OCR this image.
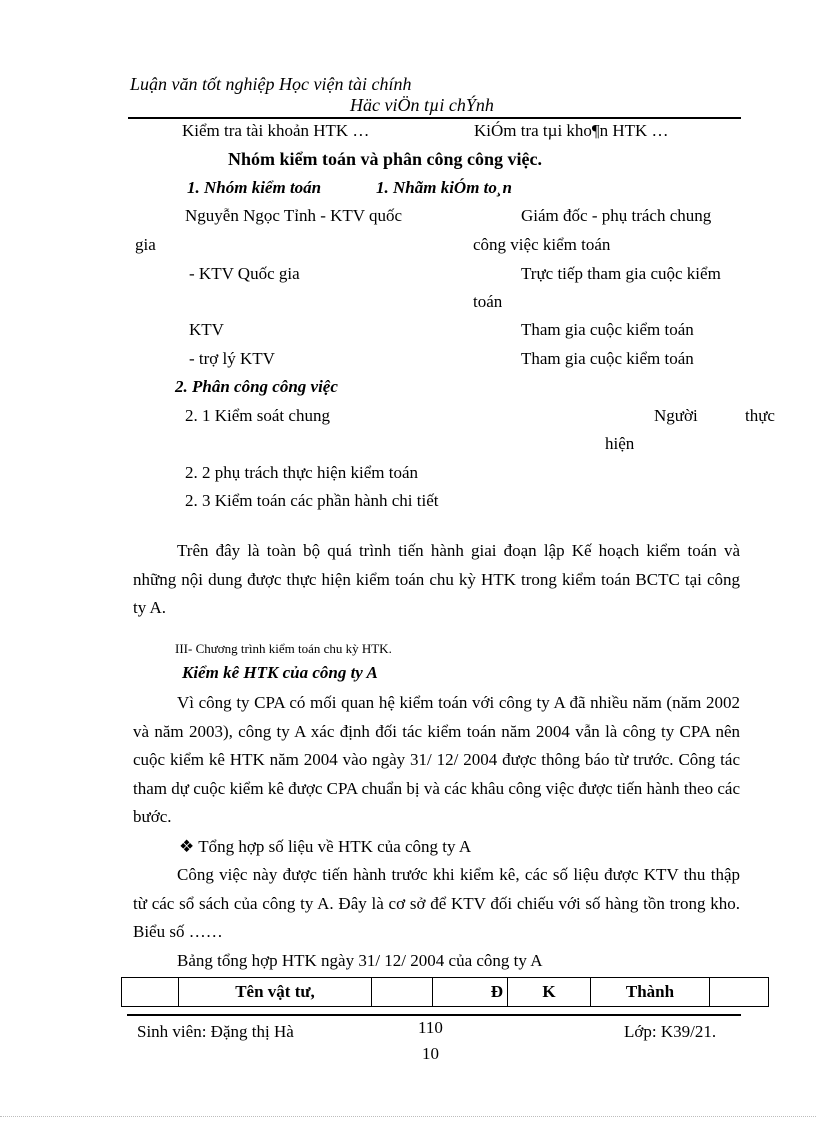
Luận văn tốt nghiệp Học viện tài chính
Häc viÖn tµi chÝnh
Kiểm tra tài khoản HTK …	KiÓm tra tµi kho¶n HTK …
Nhóm kiểm toán và phân công công việc.
1. Nhóm kiểm toán	1. Nhãm kiÓm to¸n
Nguyễn Ngọc Tỉnh - KTV quốc	Giám đốc - phụ trách chung
gia	công việc kiểm toán
- KTV Quốc gia	Trực tiếp tham gia cuộc kiểm
toán
KTV	Tham gia cuộc kiểm toán
- trợ lý KTV	Tham gia cuộc kiểm toán
2. Phân công công việc
2. 1 Kiểm soát chung	Người	thực
hiện
2. 2 phụ trách thực hiện kiểm toán
2. 3 Kiểm toán các phần hành chi tiết
Trên đây là toàn bộ quá trình tiến hành giai đoạn lập Kế hoạch kiểm toán và những nội dung được thực hiện kiểm toán chu kỳ HTK trong kiểm toán BCTC tại công ty A.
III- Chương trình kiểm toán chu kỳ HTK.
Kiểm kê HTK của công ty A
Vì công ty CPA có mối quan hệ kiểm toán với công ty A đã nhiều năm (năm 2002 và năm 2003), công ty A xác định đối tác kiểm toán năm 2004 vẫn là công ty CPA nên cuộc kiểm kê HTK năm 2004 vào ngày 31/ 12/ 2004 được thông báo từ trước. Công tác tham dự cuộc kiểm kê được CPA chuẩn bị và các khâu công việc được tiến hành theo các bước.
❖ Tổng hợp số liệu về HTK của công ty A
Công việc này được tiến hành trước khi kiểm kê, các số liệu được KTV thu thập từ các sổ sách của công ty A. Đây là cơ sở để KTV đối chiếu với số hàng tồn trong kho. Biểu số ……
Bảng tổng hợp HTK ngày 31/ 12/ 2004 của công ty A
	Tên vật tư,		Đ	K	Thành	
Sinh viên: Đặng thị Hà	110
10
Lớp: K39/21.
